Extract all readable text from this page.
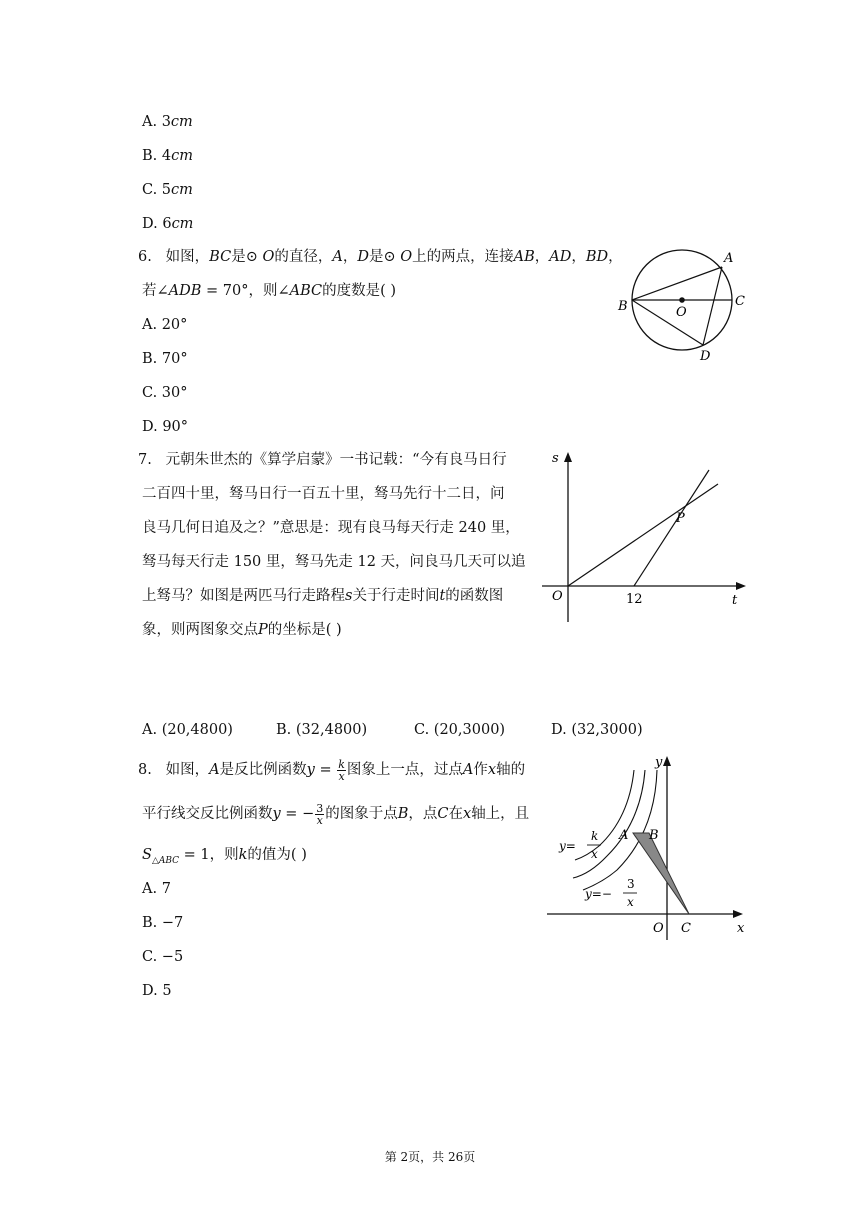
A. 3cm
B. 4cm
C. 5cm
D. 6cm
6. 如图，BC是⊙ O的直径，A，D是⊙ O上的两点，连接AB，AD，BD，
若∠ADB = 70°，则∠ABC的度数是( )
A. 20°
B. 70°
C. 30°
D. 90°
A
B	C
D
O
7. 元朝朱世杰的《算学启蒙》一书记载：“今有良马日行
二百四十里，驽马日行一百五十里，驽马先行十二日，问
良马几何日追及之？”意思是：现有良马每天行走 240 里，
驽马每天行走 150 里，驽马先走 12 天，问良马几天可以追
上驽马？如图是两匹马行走路程s关于行走时间t的函数图
象，则两图象交点P的坐标是( )
s
t
O
P
12
A. (20,4800)	B. (32,4800)	C. (20,3000)	D. (32,3000)
8. 如图，A是反比例函数$y = \frac{k}{x}$ 图象上一点，过点A作x轴的
平行线交反比例函数y = − $\frac{3}{x}$ 的图象于点B，点C在x轴上，且
$S_{\triangle ABC} = 1$，则k的值为( )
A. 7
B. −7
C. −5
D. 5
y
x
O C
A B
y=
k
x
y=−
3
x
第 2页，共 26页
